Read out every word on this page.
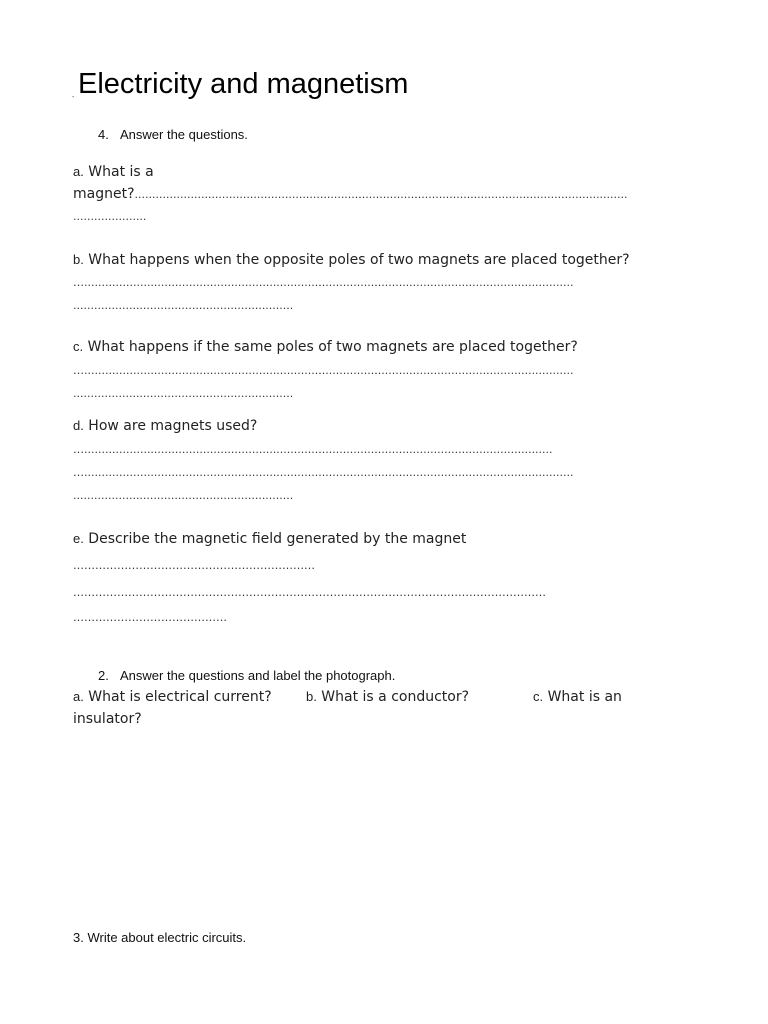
- Electricity and magnetism
4. Answer the questions.
a. What is a
magnet?.............................................................................................................................................
.....................
b. What happens when the opposite poles of two magnets are placed together?
…............................................................................................................................................
...............................................................
c. What happens if the same poles of two magnets are placed together?
…............................................................................................................................................
...............................................................
d. How are magnets used?
…......................................................................................................................................
…............................................................................................................................................
...............................................................
e. Describe the magnetic field generated by the magnet
…………………………………………………………
…………………………………………………………………………………………………………………
……………………………………
2. Answer the questions and label the photograph.
a. What is electrical current?	b. What is a conductor?	c. What is an
insulator?
3. Write about electric circuits.
